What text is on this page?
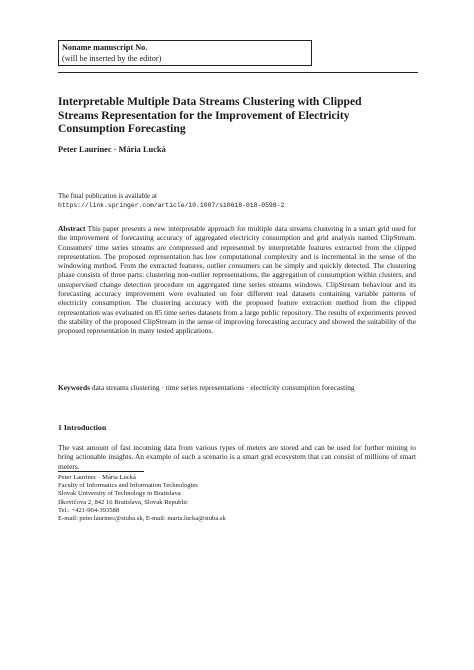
Noname manuscript No.
(will be inserted by the editor)
Interpretable Multiple Data Streams Clustering with Clipped Streams Representation for the Improvement of Electricity Consumption Forecasting
Peter Laurinec · Mária Lucká
The final publication is available at
https://link.springer.com/article/10.1007/s10618-018-0598-2
Abstract This paper presents a new interpretable approach for multiple data streams clustering in a smart grid used for the improvement of forecasting accuracy of aggregated electricity consumption and grid analysis named ClipStream. Consumers' time series streams are compressed and represented by interpretable features extracted from the clipped representation. The proposed representation has low computational complexity and is incremental in the sense of the windowing method. From the extracted features, outlier consumers can be simply and quickly detected. The clustering phase consists of three parts: clustering non-outlier representations, the aggregation of consumption within clusters, and unsupervised change detection procedure on aggregated time series streams windows. ClipStream behaviour and its forecasting accuracy improvement were evaluated on four different real datasets containing variable patterns of electricity consumption. The clustering accuracy with the proposed feature extraction method from the clipped representation was evaluated on 85 time series datasets from a large public repository. The results of experiments proved the stability of the proposed ClipStream in the sense of improving forecasting accuracy and showed the suitability of the proposed representation in many tested applications.
Keywords data streams clustering · time series representations · electricity consumption forecasting
1 Introduction
The vast amount of fast incoming data from various types of meters are stored and can be used for further mining to bring actionable insights. An example of such a scenario is a smart grid ecosystem that can consist of millions of smart meters.
Peter Laurinec · Mária Lucká
Faculty of Informatics and Information Technologies
Slovak University of Technology in Bratislava
Ilkovičova 2, 842 16 Bratislava, Slovak Republic
Tel.: +421-904-393588
E-mail: peter.laurinec@stuba.sk, E-mail: maria.lucka@stuba.sk
